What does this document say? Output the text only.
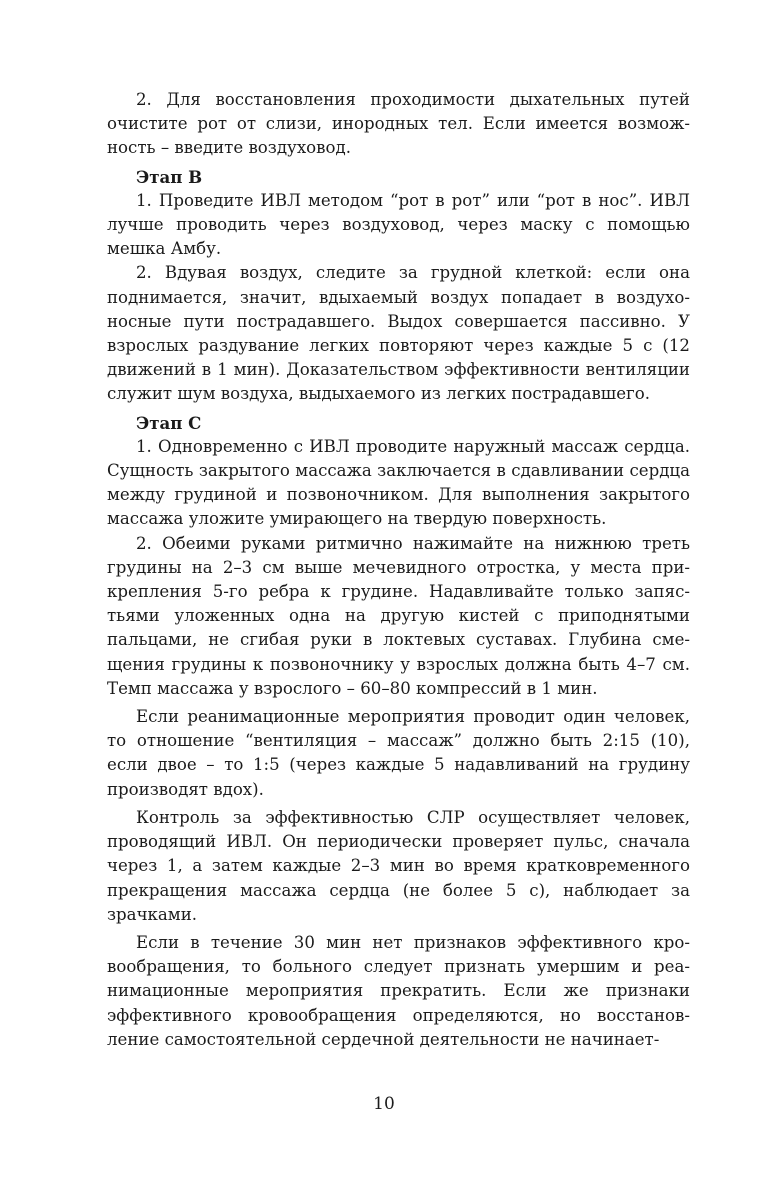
2. Для восстановления проходимости дыхательных путей очистите рот от слизи, инородных тел. Если имеется возможность – введите воздуховод.

Этап В

1. Проведите ИВЛ методом “рот в рот” или “рот в нос”. ИВЛ лучше проводить через воздуховод, через маску с помощью мешка Амбу.

2. Вдувая воздух, следите за грудной клеткой: если она поднимается, значит, вдыхаемый воздух попадает в воздухоносные пути пострадавшего. Выдох совершается пассивно. У взрослых раздувание легких повторяют через каждые 5 с (12 движений в 1 мин). Доказательством эффективности вентиляции служит шум воздуха, выдыхаемого из легких пострадавшего.

Этап С

1. Одновременно с ИВЛ проводите наружный массаж сердца. Сущность закрытого массажа заключается в сдавливании сердца между грудиной и позвоночником. Для выполнения закрытого массажа уложите умирающего на твердую поверхность.

2. Обеими руками ритмично нажимайте на нижнюю треть грудины на 2–3 см выше мечевидного отростка, у места прикрепления 5-го ребра к грудине. Надавливайте только запястьями уложенных одна на другую кистей с приподнятыми пальцами, не сгибая руки в локтевых суставах. Глубина смещения грудины к позвоночнику у взрослых должна быть 4–7 см. Темп массажа у взрослого – 60–80 компрессий в 1 мин.

Если реанимационные мероприятия проводит один человек, то отношение “вентиляция – массаж” должно быть 2:15 (10), если двое – то 1:5 (через каждые 5 надавливаний на грудину производят вдох).

Контроль за эффективностью СЛР осуществляет человек, проводящий ИВЛ. Он периодически проверяет пульс, сначала через 1, а затем каждые 2–3 мин во время кратковременного прекращения массажа сердца (не более 5 с), наблюдает за зрачками.

Если в течение 30 мин нет признаков эффективного кровообращения, то больного следует признать умершим и реанимационные мероприятия прекратить. Если же признаки эффективного кровообращения определяются, но восстановление самостоятельной сердечной деятельности не начинает-

10
